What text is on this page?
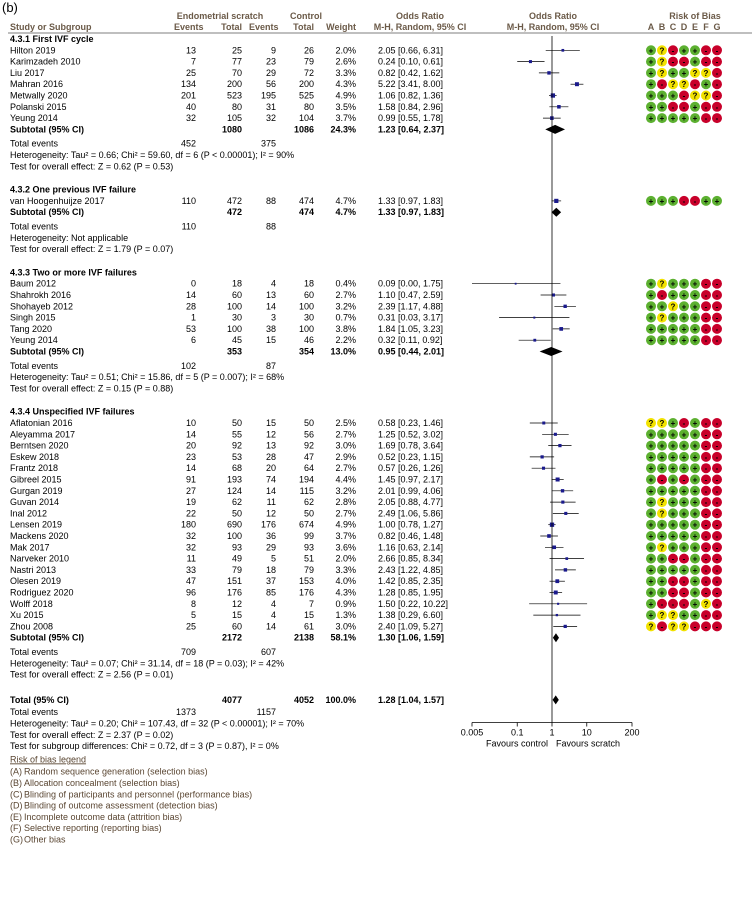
(b)
Endometrial scratch	Control	Odds Ratio	Odds Ratio	Risk of Bias
Study or Subgroup	Events Total Events Total Weight M-H, Random, 95% CI	M-H, Random, 95% CI	A B C D E F G
4.3.1 First IVF cycle
Hilton 2019	13	25	9	26 2.0% 2.05 [0.66, 6.31]	+ ? - + + - -
Karimzadeh 2010	7	77	23	79 2.6% 0.24 [0.10, 0.61]	+ ? - - + - -
Liu 2017	25	70	29	72 3.3% 0.82 [0.42, 1.62]	+ ? + + ? ? -
Mahran 2016	134	200	56	200 4.3% 5.22 [3.41, 8.00]	+ - ? ? - + -
Metwally 2020	201	523 195	525 4.9% 1.06 [0.82, 1.36]	+ + + - ? ? -
Polanski 2015	40	80	31	80 3.5% 1.58 [0.84, 2.96]	+ + - - + - -
Yeung 2014	32	105	32	104 3.7% 0.99 [0.55, 1.78]	+ + + + + - -
Subtotal (95% CI)	1080	1086 24.3% 1.23 [0.64, 2.37]
Total events	452	375
Heterogeneity: Tau² = 0.66; Chi² = 59.60, df = 6 (P < 0.00001); I² = 90%
Test for overall effect: Z = 0.62 (P = 0.53)
4.3.2 One previous IVF failure
van Hoogenhuijze 2017	110	472	88	474 4.7% 1.33 [0.97, 1.83]	+ + + - - + +
Subtotal (95% CI)	472	474 4.7% 1.33 [0.97, 1.83]
Total events	110	88
Heterogeneity: Not applicable
Test for overall effect: Z = 1.79 (P = 0.07)
4.3.3 Two or more IVF failures
Baum 2012	0	18	4	18 0.4% 0.09 [0.00, 1.75]	+ ? + + + - -
Shahrokh 2016	14	60	13	60 2.7% 1.10 [0.47, 2.59]	+ - + + + - -
Shohayeb 2012	28	100	14	100 3.2% 2.39 [1.17, 4.88]	+ + ? + + - -
Singh 2015	1	30	3	30 0.7% 0.31 [0.03, 3.17]	+ ? + + + - -
Tang 2020	53	100	38	100 3.8% 1.84 [1.05, 3.23]	+ + + + + - -
Yeung 2014	6	45	15	46 2.2% 0.32 [0.11, 0.92]	+ + + + + - -
Subtotal (95% CI)	353	354 13.0% 0.95 [0.44, 2.01]
Total events	102	87
Heterogeneity: Tau² = 0.51; Chi² = 15.86, df = 5 (P = 0.007); I² = 68%
Test for overall effect: Z = 0.15 (P = 0.88)
4.3.4 Unspecified IVF failures
Aflatonian 2016	10	50	15	50 2.5% 0.58 [0.23, 1.46]	? ? + - + - -
Aleyamma 2017	14	55	12	56 2.7% 1.25 [0.52, 3.02]	+ + + + + - -
Berntsen 2020	20	92	13	92 3.0% 1.69 [0.78, 3.64]	+ + + + + - -
Eskew 2018	23	53	28	47 2.9% 0.52 [0.23, 1.15]	+ + + + + - -
Frantz 2018	14	68	20	64 2.7% 0.57 [0.26, 1.26]	+ + + + + - -
Gibreel 2015	91	193	74	194 4.4% 1.45 [0.97, 2.17]	+ - + - + - -
Gurgan 2019	27	124	14	115 3.2% 2.01 [0.99, 4.06]	+ + + + + - -
Guvan 2014	19	62	11	62 2.8% 2.05 [0.88, 4.77]	+ ? + + + - -
Inal 2012	22	50	12	50 2.7% 2.49 [1.06, 5.86]	+ ? + + + - -
Lensen 2019	180	690 176	674 4.9% 1.00 [0.78, 1.27]	+ + + + + - -
Mackens 2020	32	100	36	99 3.7% 0.82 [0.46, 1.48]	+ + + + + - -
Mak 2017	32	93	29	93 3.6% 1.16 [0.63, 2.14]	+ ? + + + - -
Narveker 2010	11	49	5	51 2.0% 2.66 [0.85, 8.34]	+ + - - + - -
Nastri 2013	33	79	18	79 3.3% 2.43 [1.22, 4.85]	+ + + + + - -
Olesen 2019	47	151	37	153 4.0% 1.42 [0.85, 2.35]	+ + - - + - -
Rodriguez 2020	96	176	85	176 4.3% 1.28 [0.85, 1.95]	+ + - - + - -
Wolff 2018	8	12	4	7 0.9% 1.50 [0.22, 10.22]	+ - - - + ? -
Xu 2015	5	15	4	15 1.3% 1.38 [0.29, 6.60]	+ ? ? + + - -
Zhou 2008	25	60	14	61 3.0% 2.40 [1.09, 5.27]	? - ? ? - - -
Subtotal (95% CI)	2172	2138 58.1% 1.30 [1.06, 1.59]
Total events	709	607
Heterogeneity: Tau² = 0.07; Chi² = 31.14, df = 18 (P = 0.03); I² = 42%
Test for overall effect: Z = 2.56 (P = 0.01)
Total (95% CI)	4077	4052 100.0% 1.28 [1.04, 1.57]
Total events	1373	1157
Heterogeneity: Tau² = 0.20; Chi² = 107.43, df = 32 (P < 0.00001); I² = 70%
Test for overall effect: Z = 2.37 (P = 0.02)
Test for subgroup differences: Chi² = 0.72, df = 3 (P = 0.87), I² = 0%
0.005	0.1	1	10	200
Favours control Favours scratch
Risk of bias legend
(A) Random sequence generation (selection bias)
(B) Allocation concealment (selection bias)
(C) Blinding of participants and personnel (performance bias)
(D) Blinding of outcome assessment (detection bias)
(E) Incomplete outcome data (attrition bias)
(F) Selective reporting (reporting bias)
(G) Other bias
